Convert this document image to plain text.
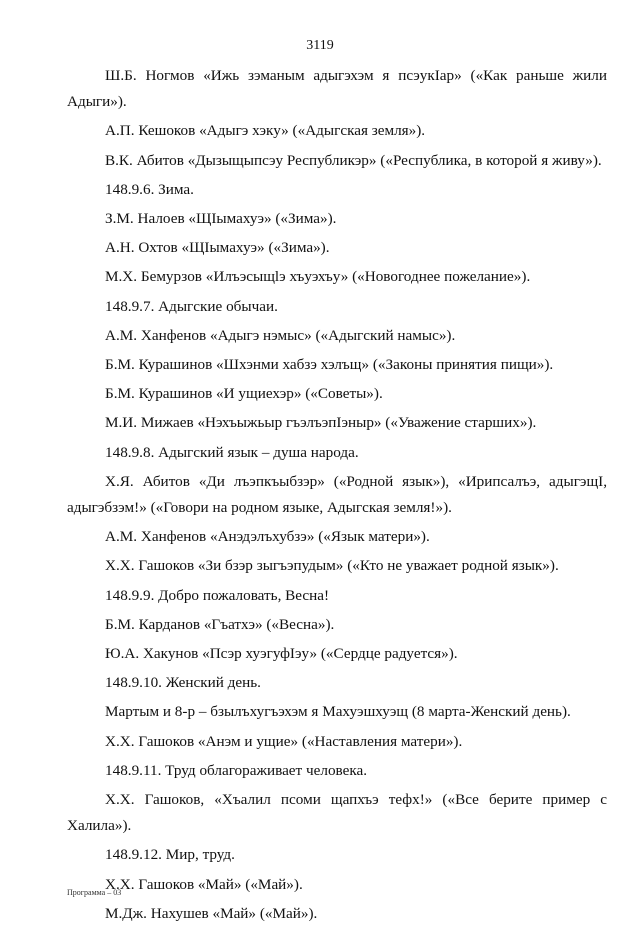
3119

Ш.Б. Ногмов «Ижь зэманым адыгэхэм я псэукIар» («Как раньше жили Адыги»).

А.П. Кешоков «Адыгэ хэку» («Адыгская земля»).

В.К. Абитов «Дызыщыпсэу Республикэр» («Республика, в которой я живу»).

148.9.6. Зима.

З.М. Налоев «ЩIымахуэ» («Зима»).

А.Н. Охтов «ЩIымахуэ» («Зима»).

М.Х. Бемурзов «Илъэсыщlэ хъуэхъу» («Новогоднее пожелание»).

148.9.7. Адыгские обычаи.

А.М. Ханфенов «Адыгэ нэмыс» («Адыгский намыс»).

Б.М. Курашинов «Шхэнми хабзэ хэлъщ» («Законы принятия пищи»).

Б.М. Курашинов «И ущиехэр» («Советы»).

М.И. Мижаев «Нэхъыжьыр гъэлъэпIэныр» («Уважение старших»).

148.9.8. Адыгский язык – душа народа.

Х.Я. Абитов «Ди лъэпкъыбзэр» («Родной язык»), «Ирипсалъэ, адыгэщI, адыгэбзэм!» («Говори на родном языке, Адыгская земля!»).

А.М. Ханфенов «Анэдэлъхубзэ» («Язык матери»).

Х.Х. Гашоков «Зи бзэр зыгъэпудым» («Кто не уважает родной язык»).

148.9.9. Добро пожаловать, Весна!

Б.М. Карданов «Гъатхэ» («Весна»).

Ю.А. Хакунов «Псэр хуэгуфIэу» («Сердце радуется»).

148.9.10. Женский день.

Мартым и 8-р – бзылъхугъэхэм я Махуэшхуэщ (8 марта-Женский день).

Х.Х. Гашоков «Анэм и ущие» («Наставления матери»).

148.9.11. Труд облагораживает человека.

Х.Х. Гашоков, «Хъалил псоми щапхъэ тефх!» («Все берите пример с Халила»).

148.9.12. Мир, труд.

Х.Х. Гашоков «Май» («Май»).

М.Дж. Нахушев «Май» («Май»).

Программа – 03
